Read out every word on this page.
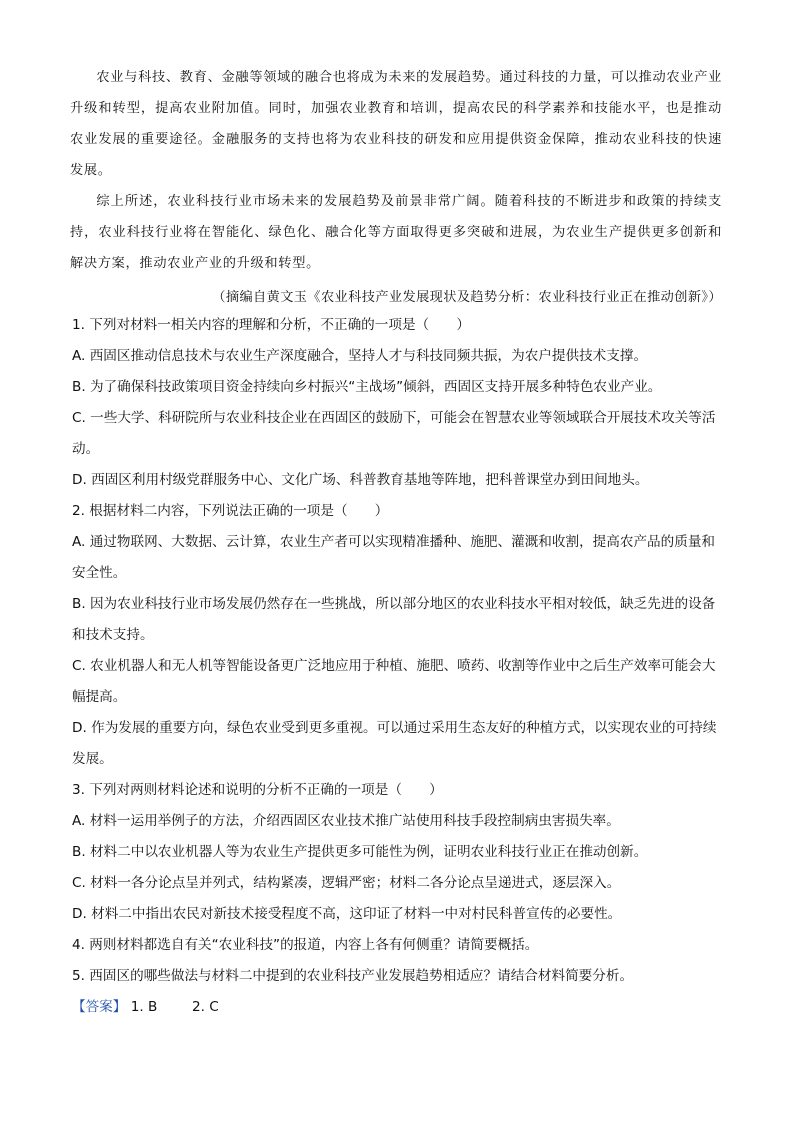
农业与科技、教育、金融等领域的融合也将成为未来的发展趋势。通过科技的力量，可以推动农业产业升级和转型，提高农业附加值。同时，加强农业教育和培训，提高农民的科学素养和技能水平，也是推动农业发展的重要途径。金融服务的支持也将为农业科技的研发和应用提供资金保障，推动农业科技的快速发展。

综上所述，农业科技行业市场未来的发展趋势及前景非常广阔。随着科技的不断进步和政策的持续支持，农业科技行业将在智能化、绿色化、融合化等方面取得更多突破和进展，为农业生产提供更多创新和解决方案，推动农业产业的升级和转型。

（摘编自黄文玉《农业科技产业发展现状及趋势分析：农业科技行业正在推动创新》）

1. 下列对材料一相关内容的理解和分析，不正确的一项是（　　）

A. 西固区推动信息技术与农业生产深度融合，坚持人才与科技同频共振，为农户提供技术支撑。

B. 为了确保科技政策项目资金持续向乡村振兴“主战场”倾斜，西固区支持开展多种特色农业产业。

C. 一些大学、科研院所与农业科技企业在西固区的鼓励下，可能会在智慧农业等领域联合开展技术攻关等活动。

D. 西固区利用村级党群服务中心、文化广场、科普教育基地等阵地，把科普课堂办到田间地头。

2. 根据材料二内容，下列说法正确的一项是（　　）

A. 通过物联网、大数据、云计算，农业生产者可以实现精准播种、施肥、灌溉和收割，提高农产品的质量和安全性。

B. 因为农业科技行业市场发展仍然存在一些挑战，所以部分地区的农业科技水平相对较低，缺乏先进的设备和技术支持。

C. 农业机器人和无人机等智能设备更广泛地应用于种植、施肥、喷药、收割等作业中之后生产效率可能会大幅提高。

D. 作为发展的重要方向，绿色农业受到更多重视。可以通过采用生态友好的种植方式，以实现农业的可持续发展。

3. 下列对两则材料论述和说明的分析不正确的一项是（　　）

A. 材料一运用举例子的方法，介绍西固区农业技术推广站使用科技手段控制病虫害损失率。

B. 材料二中以农业机器人等为农业生产提供更多可能性为例，证明农业科技行业正在推动创新。

C. 材料一各分论点呈并列式，结构紧凑，逻辑严密；材料二各分论点呈递进式，逐层深入。

D. 材料二中指出农民对新技术接受程度不高，这印证了材料一中对村民科普宣传的必要性。

4. 两则材料都选自有关“农业科技”的报道，内容上各有何侧重？请简要概括。

5. 西固区的哪些做法与材料二中提到的农业科技产业发展趋势相适应？请结合材料简要分析。

【答案】 1. B	2. C
